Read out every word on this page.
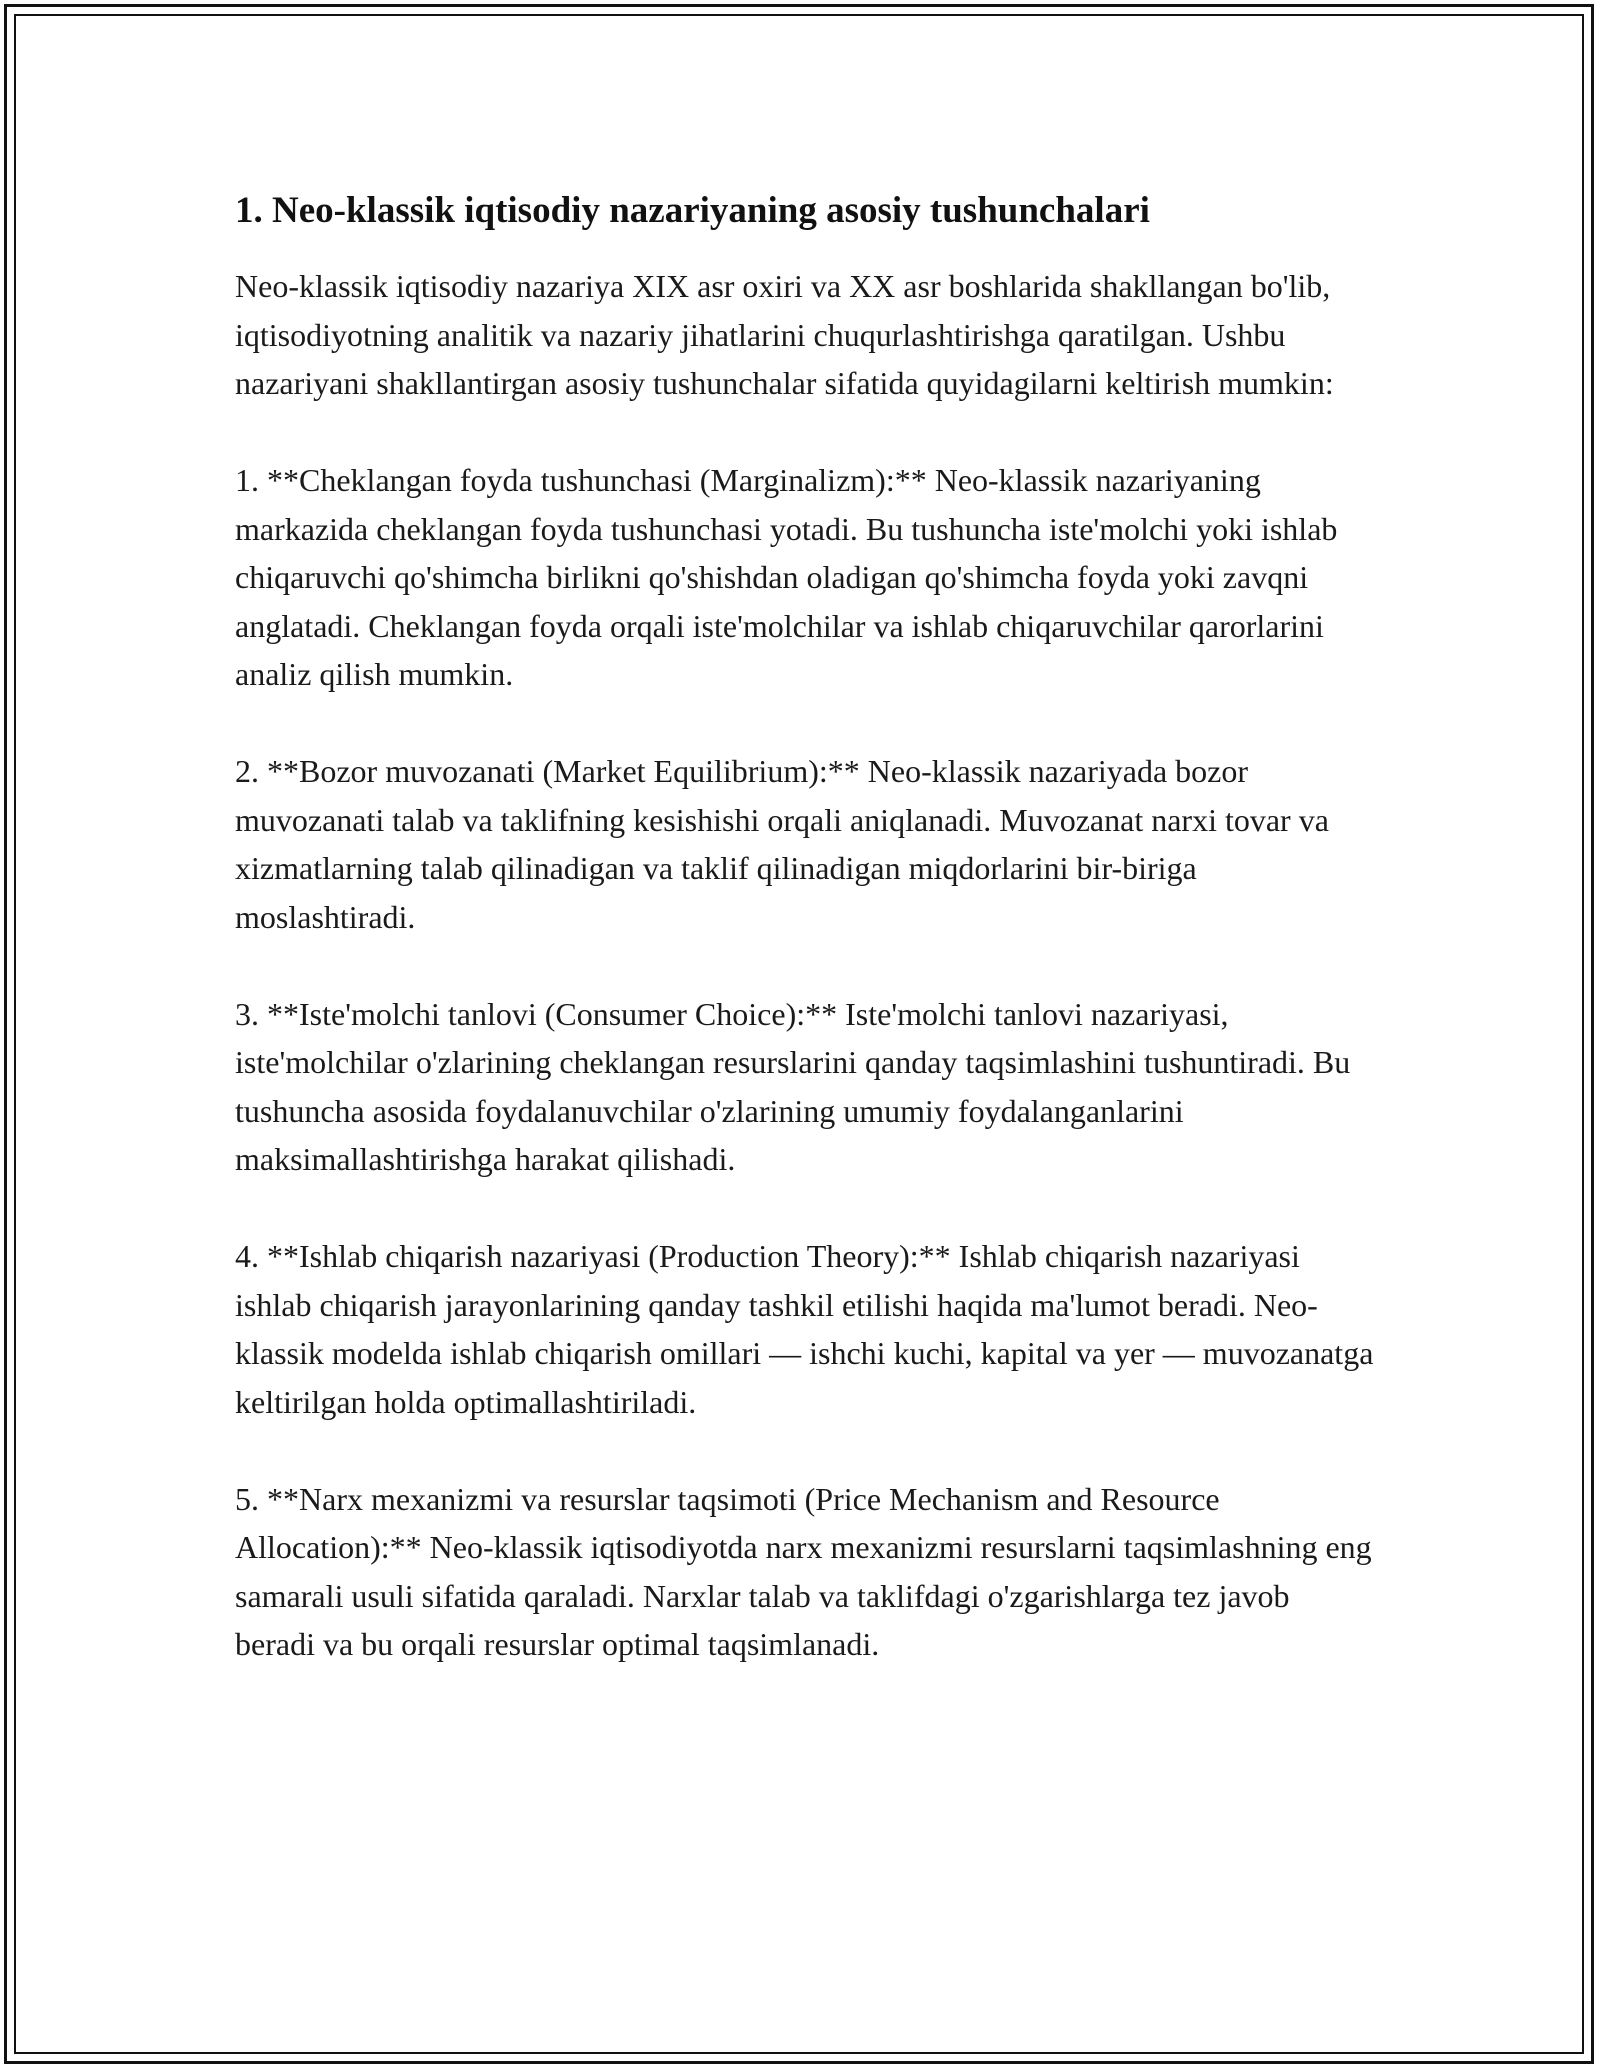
1. Neo-klassik iqtisodiy nazariyaning asosiy tushunchalari

Neo-klassik iqtisodiy nazariya XIX asr oxiri va XX asr boshlarida shakllangan bo'lib, iqtisodiyotning analitik va nazariy jihatlarini chuqurlashtirishga qaratilgan. Ushbu nazariyani shakllantirgan asosiy tushunchalar sifatida quyidagilarni keltirish mumkin:

1. **Cheklangan foyda tushunchasi (Marginalizm):** Neo-klassik nazariyaning markazida cheklangan foyda tushunchasi yotadi. Bu tushuncha iste'molchi yoki ishlab chiqaruvchi qo'shimcha birlikni qo'shishdan oladigan qo'shimcha foyda yoki zavqni anglatadi. Cheklangan foyda orqali iste'molchilar va ishlab chiqaruvchilar qarorlarini analiz qilish mumkin.

2. **Bozor muvozanati (Market Equilibrium):** Neo-klassik nazariyada bozor muvozanati talab va taklifning kesishishi orqali aniqlanadi. Muvozanat narxi tovar va xizmatlarning talab qilinadigan va taklif qilinadigan miqdorlarini bir-biriga moslashtiradi.

3. **Iste'molchi tanlovi (Consumer Choice):** Iste'molchi tanlovi nazariyasi, iste'molchilar o'zlarining cheklangan resurslarini qanday taqsimlashini tushuntiradi. Bu tushuncha asosida foydalanuvchilar o'zlarining umumiy foydalanganlarini maksimallashtirishga harakat qilishadi.

4. **Ishlab chiqarish nazariyasi (Production Theory):** Ishlab chiqarish nazariyasi ishlab chiqarish jarayonlarining qanday tashkil etilishi haqida ma'lumot beradi. Neo-klassik modelda ishlab chiqarish omillari — ishchi kuchi, kapital va yer — muvozanatga keltirilgan holda optimallashtiriladi.

5. **Narx mexanizmi va resurslar taqsimoti (Price Mechanism and Resource Allocation):** Neo-klassik iqtisodiyotda narx mexanizmi resurslarni taqsimlashning eng samarali usuli sifatida qaraladi. Narxlar talab va taklifdagi o'zgarishlarga tez javob beradi va bu orqali resurslar optimal taqsimlanadi.
